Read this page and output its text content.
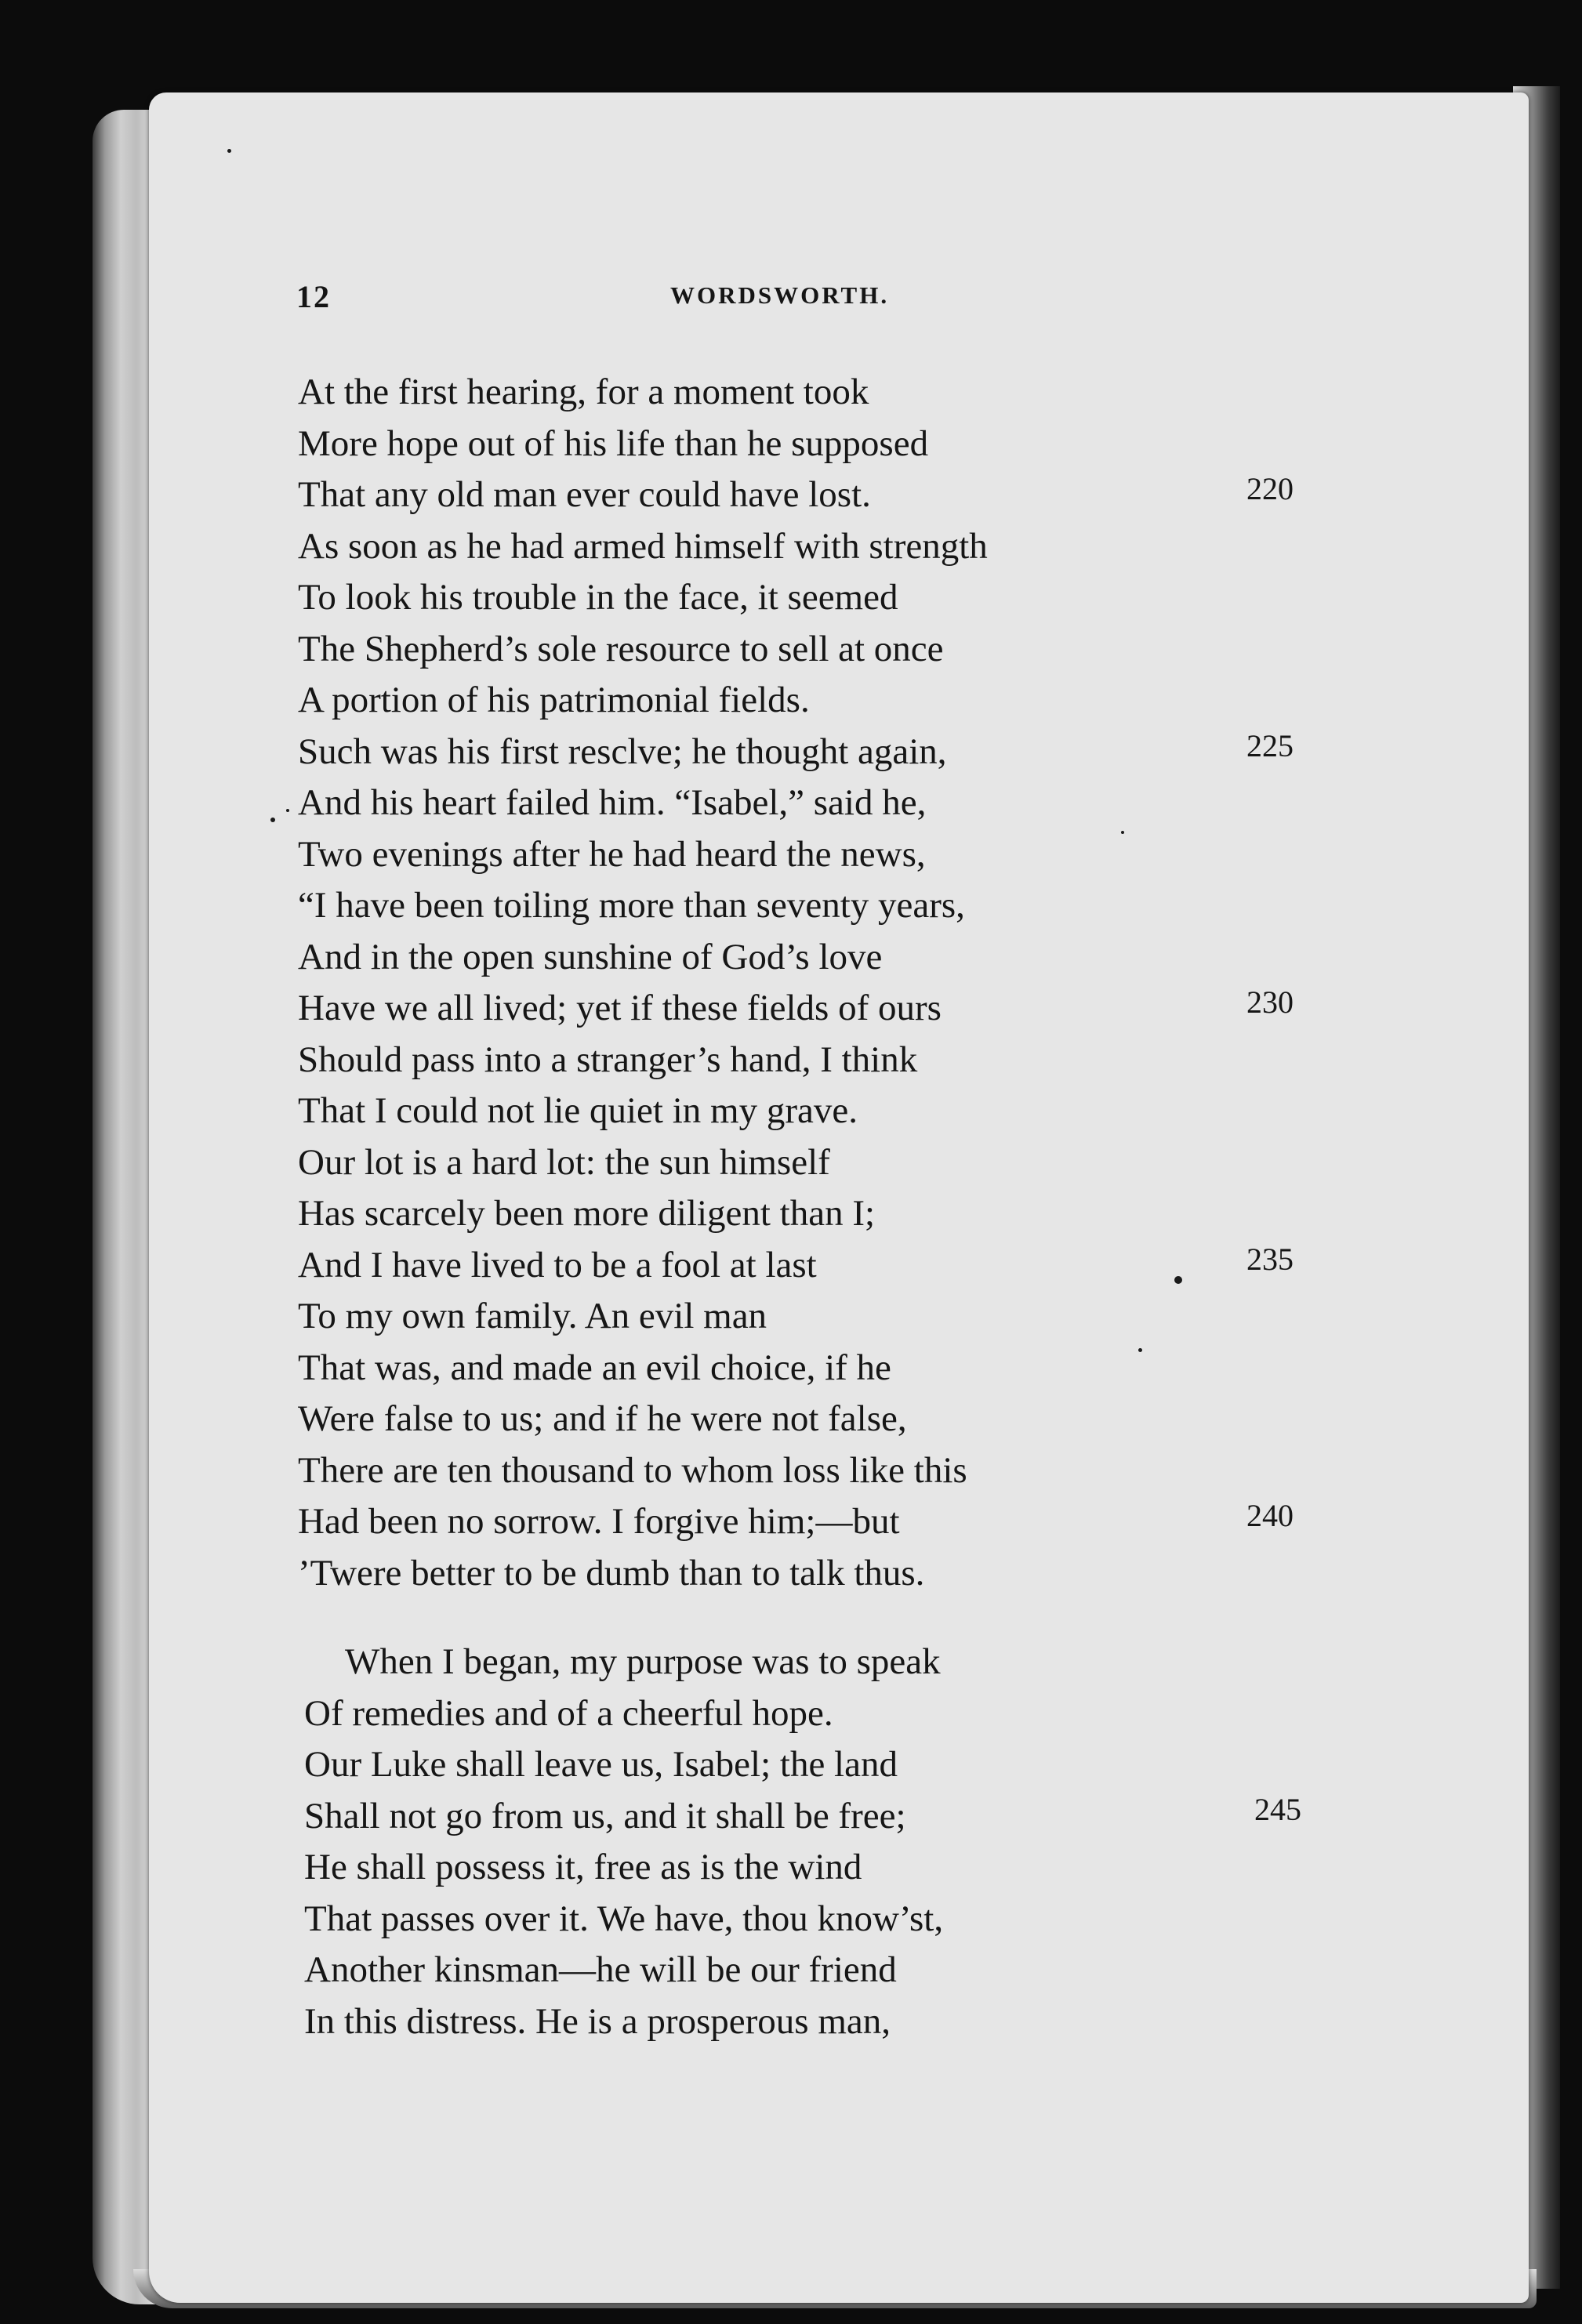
12	WORDSWORTH.
At the first hearing, for a moment took
More hope out of his life than he supposed
That any old man ever could have lost.
As soon as he had armed himself with strength
To look his trouble in the face, it seemed
The Shepherd’s sole resource to sell at once
A portion of his patrimonial fields.
Such was his first resclve; he thought again,
And his heart failed him. “Isabel,” said he,
Two evenings after he had heard the news,
“I have been toiling more than seventy years,
And in the open sunshine of God’s love
Have we all lived; yet if these fields of ours
Should pass into a stranger’s hand, I think
That I could not lie quiet in my grave.
Our lot is a hard lot: the sun himself
Has scarcely been more diligent than I;
And I have lived to be a fool at last
To my own family. An evil man
That was, and made an evil choice, if he
Were false to us; and if he were not false,
There are ten thousand to whom loss like this
Had been no sorrow. I forgive him;—but
’Twere better to be dumb than to talk thus.
When I began, my purpose was to speak
Of remedies and of a cheerful hope.
Our Luke shall leave us, Isabel; the land
Shall not go from us, and it shall be free;
He shall possess it, free as is the wind
That passes over it. We have, thou know’st,
Another kinsman—he will be our friend
In this distress. He is a prosperous man,
220
225
230
235
240
245
